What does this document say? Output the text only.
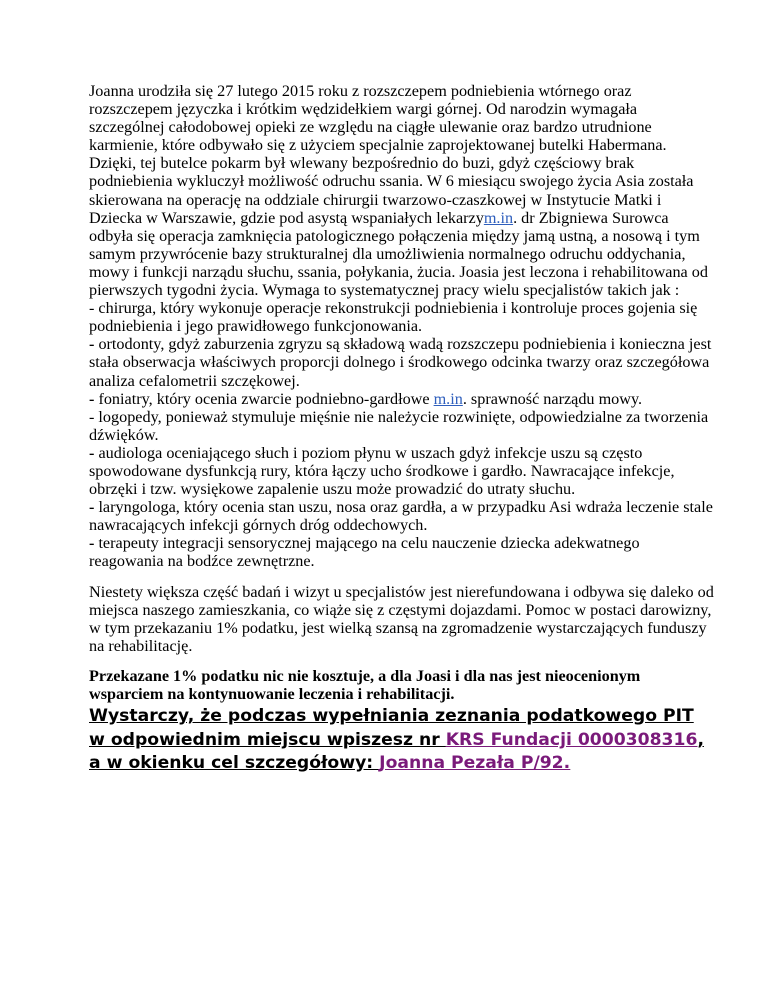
Joanna urodziła się 27 lutego 2015 roku z rozszczepem podniebienia wtórnego oraz rozszczepem języczka i krótkim wędzidełkiem wargi górnej. Od narodzin wymagała szczególnej całodobowej opieki ze względu na ciągłe ulewanie oraz bardzo utrudnione karmienie, które odbywało się z użyciem specjalnie zaprojektowanej butelki Habermana. Dzięki, tej butelce pokarm był wlewany bezpośrednio do buzi, gdyż częściowy brak podniebienia wykluczył możliwość odruchu ssania. W 6 miesiącu swojego życia Asia została skierowana na operację na oddziale chirurgii twarzowo-czaszkowej w Instytucie Matki i Dziecka w Warszawie, gdzie pod asystą wspaniałych lekarzym.in. dr Zbigniewa Surowca odbyła się operacja zamknięcia patologicznego połączenia między jamą ustną, a nosową i tym samym przywrócenie bazy strukturalnej dla umożliwienia normalnego odruchu oddychania, mowy i funkcji narządu słuchu, ssania, połykania, żucia. Joasia jest leczona i rehabilitowana od pierwszych tygodni życia. Wymaga to systematycznej pracy wielu specjalistów takich jak :
- chirurga, który wykonuje operacje rekonstrukcji podniebienia i kontroluje proces gojenia się podniebienia i jego prawidłowego funkcjonowania.
- ortodonty, gdyż zaburzenia zgryzu są składową wadą rozszczepu podniebienia i konieczna jest stała obserwacja właściwych proporcji dolnego i środkowego odcinka twarzy oraz szczegółowa analiza cefalometrii szczękowej.
- foniatry, który ocenia zwarcie podniebno-gardłowe m.in. sprawność narządu mowy.
- logopedy, ponieważ stymuluje mięśnie nie należycie rozwinięte, odpowiedzialne za tworzenia dźwięków.
- audiologa oceniającego słuch i poziom płynu w uszach gdyż infekcje uszu są często spowodowane dysfunkcją rury, która łączy ucho środkowe i gardło. Nawracające infekcje, obrzęki i tzw. wysiękowe zapalenie uszu może prowadzić do utraty słuchu.
- laryngologa, który ocenia stan uszu, nosa oraz gardła, a w przypadku Asi wdraża leczenie stale nawracających infekcji górnych dróg oddechowych.
- terapeuty integracji sensorycznej mającego na celu nauczenie dziecka adekwatnego reagowania na bodźce zewnętrzne.

Niestety większa część badań i wizyt u specjalistów jest nierefundowana i odbywa się daleko od miejsca naszego zamieszkania, co wiąże się z częstymi dojazdami. Pomoc w postaci darowizny, w tym przekazaniu 1% podatku, jest wielką szansą na zgromadzenie wystarczających funduszy na rehabilitację.

Przekazane 1% podatku nic nie kosztuje, a dla Joasi i dla nas jest nieocenionym wsparciem na kontynuowanie leczenia i rehabilitacji.

Wystarczy, że podczas wypełniania zeznania podatkowego PIT w odpowiednim miejscu wpiszesz nr KRS Fundacji 0000308316, a w okienku cel szczegółowy: Joanna Pezała P/92.
